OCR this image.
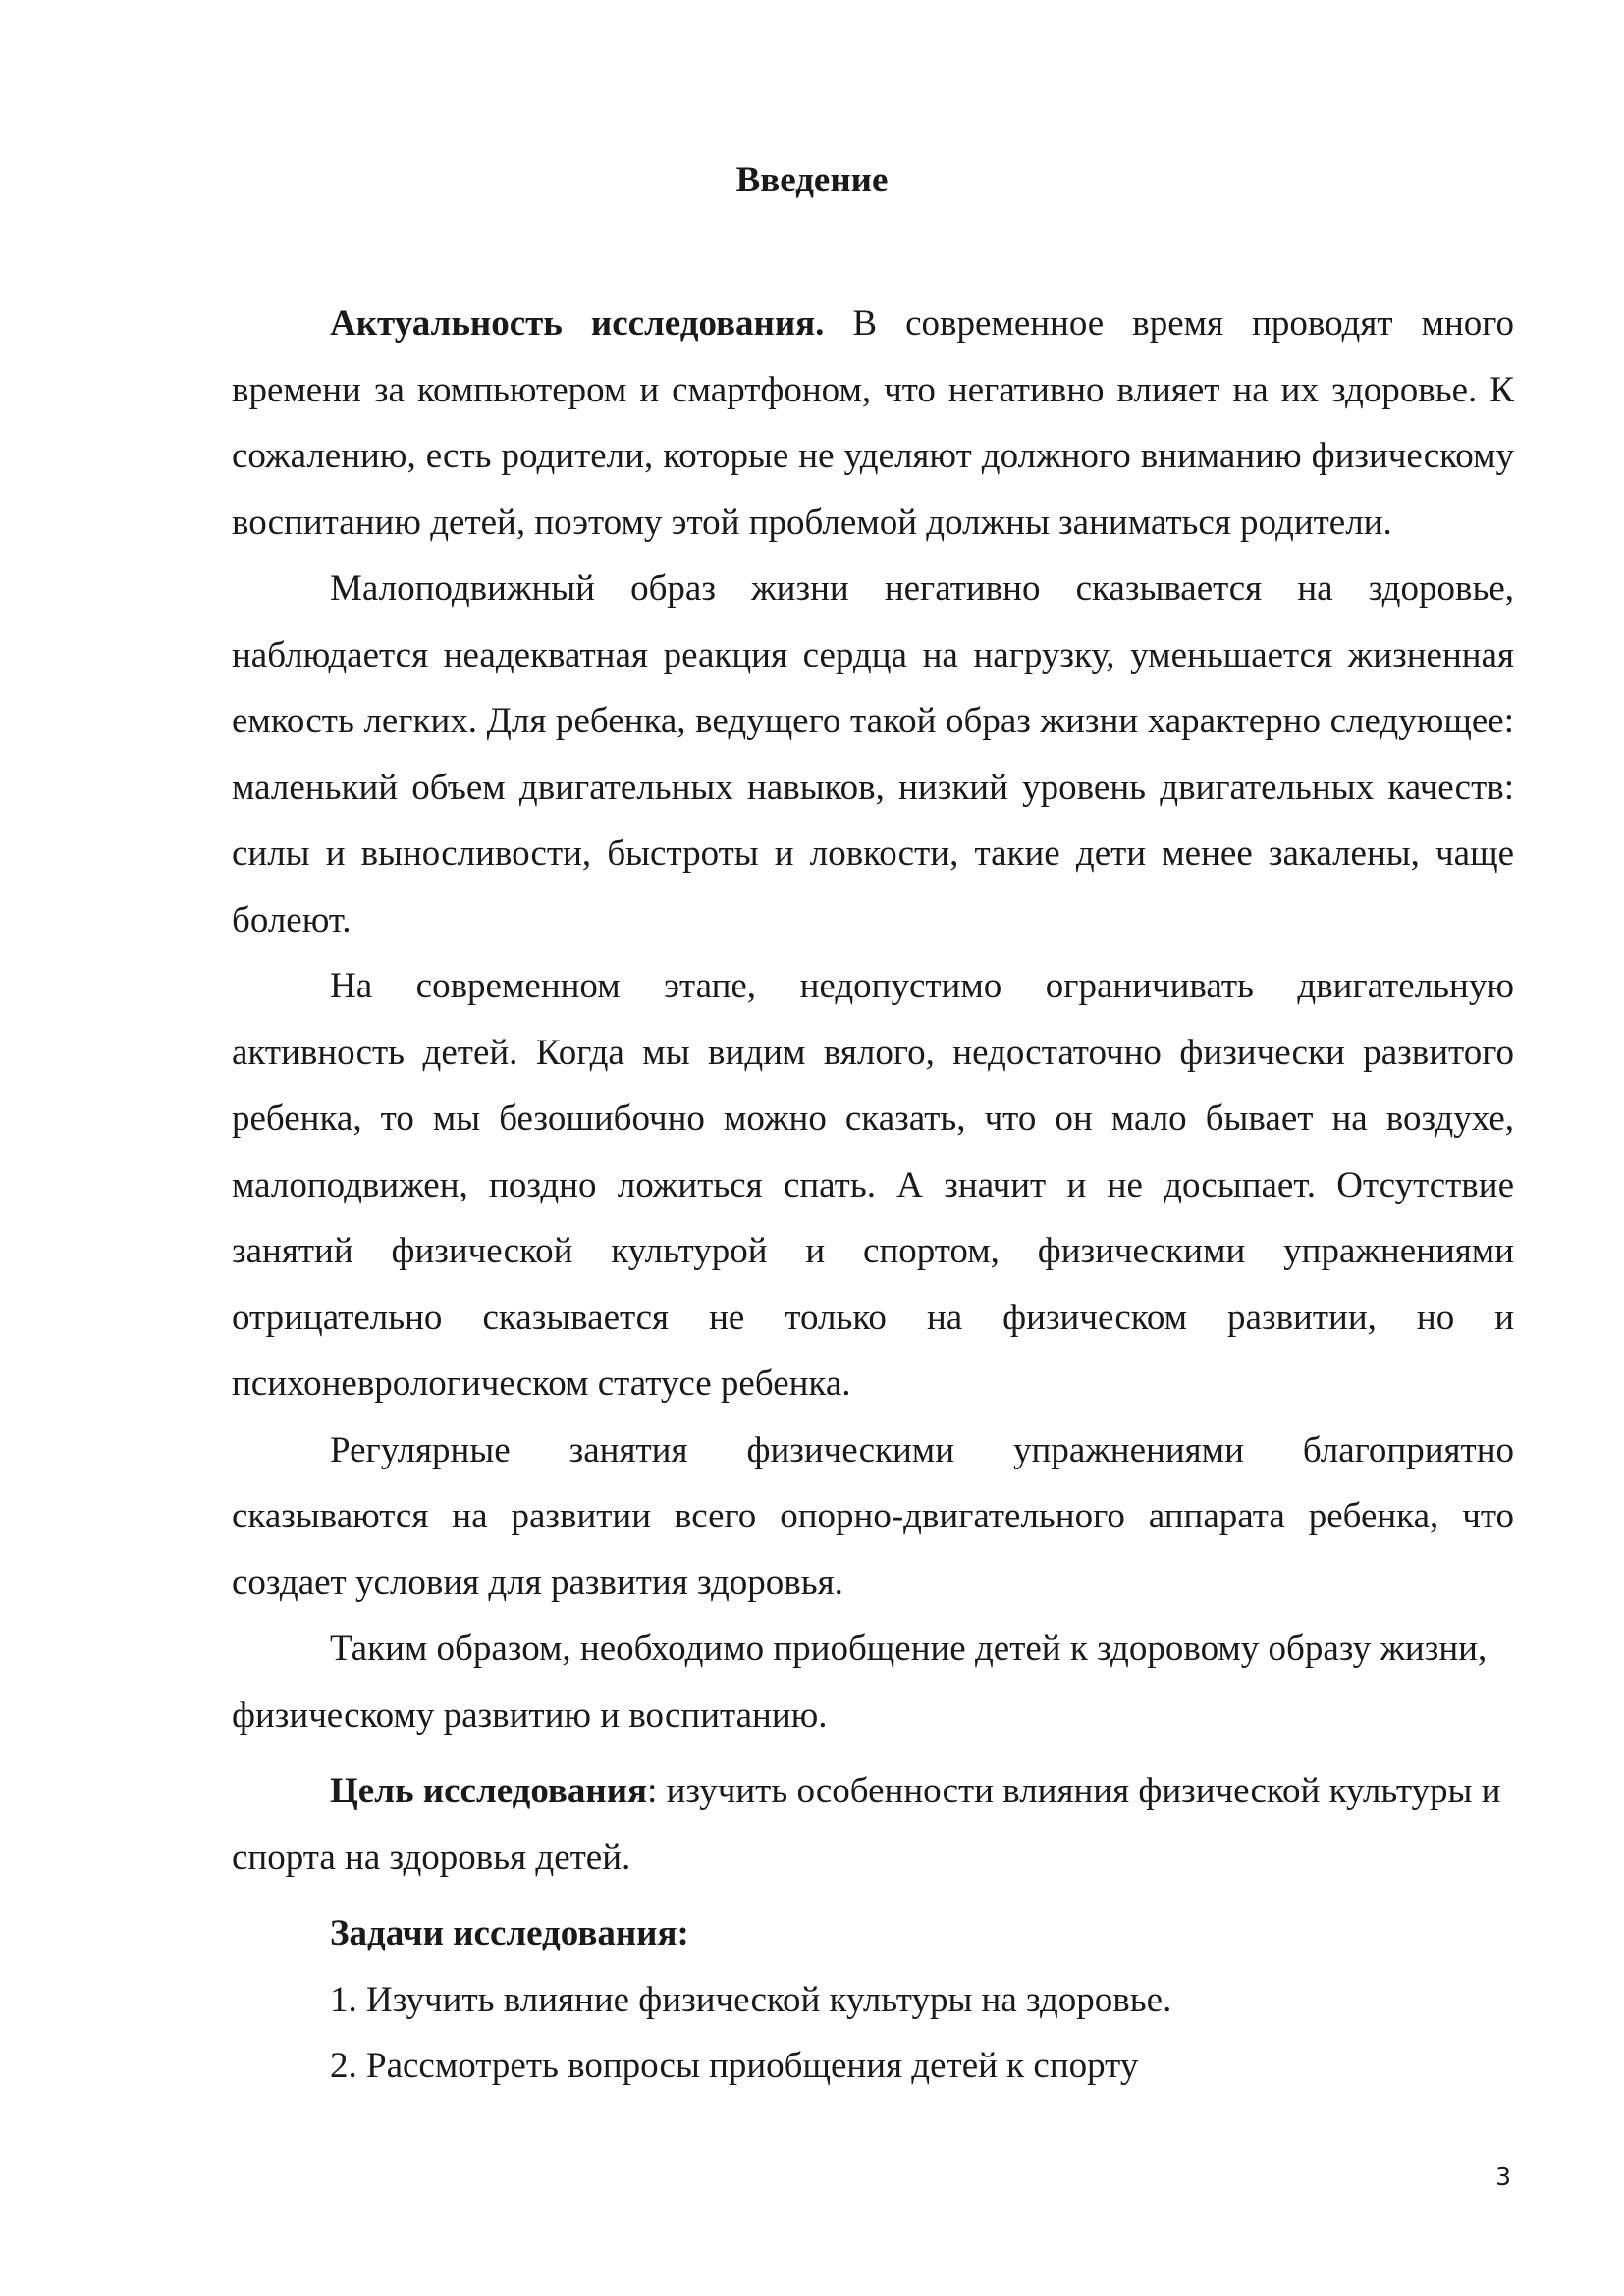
Введение

Актуальность исследования. В современное время проводят много времени за компьютером и смартфоном, что негативно влияет на их здоровье. К сожалению, есть родители, которые не уделяют должного вниманию физическому воспитанию детей, поэтому этой проблемой должны заниматься родители.

Малоподвижный образ жизни негативно сказывается на здоровье, наблюдается неадекватная реакция сердца на нагрузку, уменьшается жизненная емкость легких. Для ребенка, ведущего такой образ жизни характерно следующее: маленький объем двигательных навыков, низкий уровень двигательных качеств: силы и выносливости, быстроты и ловкости, такие дети менее закалены, чаще болеют.

На современном этапе, недопустимо ограничивать двигательную активность детей. Когда мы видим вялого, недостаточно физически развитого ребенка, то мы безошибочно можно сказать, что он мало бывает на воздухе, малоподвижен, поздно ложиться спать. А значит и не досыпает. Отсутствие занятий физической культурой и спортом, физическими упражнениями отрицательно сказывается не только на физическом развитии, но и психоневрологическом статусе ребенка.

Регулярные занятия физическими упражнениями благоприятно сказываются на развитии всего опорно-двигательного аппарата ребенка, что создает условия для развития здоровья.

Таким образом, необходимо приобщение детей к здоровому образу жизни, физическому развитию и воспитанию.

Цель исследования: изучить особенности влияния физической культуры и спорта на здоровья детей.

Задачи исследования:

1. Изучить влияние физической культуры на здоровье.

2. Рассмотреть вопросы приобщения детей к спорту

3
